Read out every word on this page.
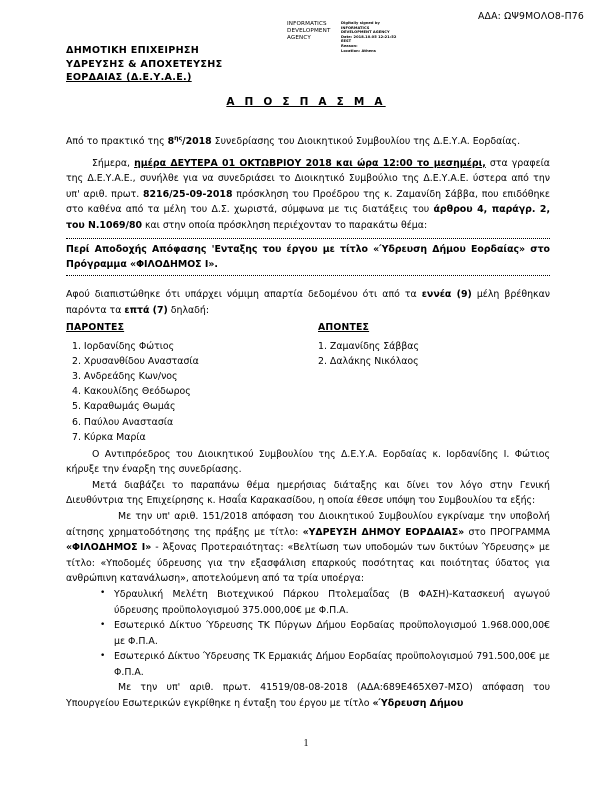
ΑΔΑ: ΩΨ9ΜΟΛΟ8-Π76
INFORMATICS DEVELOPMENT AGENCY
Digitally signed by
INFORMATICS
DEVELOPMENT AGENCY
Date: 2018.10.05 12:21:52
EEST
Reason:
Location: Athens
ΔΗΜΟΤΙΚΗ ΕΠΙΧΕΙΡΗΣΗ
ΥΔΡΕΥΣΗΣ & ΑΠΟΧΕΤΕΥΣΗΣ
ΕΟΡΔΑΙΑΣ (Δ.Ε.Υ.Α.Ε.)
Α Π Ο Σ Π Α Σ Μ Α

Από το πρακτικό της $8^{\eta\varsigma}/2018$ Συνεδρίασης του Διοικητικού Συμβουλίου της Δ.Ε.Υ.Α. Εορδαίας.

Σήμερα, ημέρα ΔΕΥΤΕΡΑ 01 ΟΚΤΩΒΡΙΟΥ 2018 και ώρα 12:00 το μεσημέρι, στα γραφεία της Δ.Ε.Υ.Α.Ε., συνήλθε για να συνεδριάσει το Διοικητικό Συμβούλιο της Δ.Ε.Υ.Α.Ε. ύστερα από την υπ' αριθ. πρωτ. 8216/25-09-2018 πρόσκληση του Προέδρου της κ. Ζαμανίδη Σάββα, που επιδόθηκε στο καθένα από τα μέλη του Δ.Σ. χωριστά, σύμφωνα με τις διατάξεις του άρθρου 4, παράγρ. 2, του Ν.1069/80 και στην οποία πρόσκληση περιέχονταν το παρακάτω θέμα:

Περί Αποδοχής Απόφασης 'Ενταξης του έργου με τίτλο «Ύδρευση Δήμου Εορδαίας» στο Πρόγραμμα «ΦΙΛΟΔΗΜΟΣ Ι».

Αφού διαπιστώθηκε ότι υπάρχει νόμιμη απαρτία δεδομένου ότι από τα εννέα (9) μέλη βρέθηκαν παρόντα τα επτά (7) δηλαδή:

ΠΑΡΟΝΤΕΣ	ΑΠΟΝΤΕΣ
1. Ιορδανίδης Φώτιος
2. Χρυσανθίδου Αναστασία
3. Ανδρεάδης Κων/νος
4. Κακουλίδης Θεόδωρος
5. Καραθωμάς Θωμάς
6. Παύλου Αναστασία
7. Κύρκα Μαρία
1. Ζαμανίδης Σάββας
2. Δαλάκης Νικόλαος

Ο Αντιπρόεδρος του Διοικητικού Συμβουλίου της Δ.Ε.Υ.Α. Εορδαίας κ. Ιορδανίδης Ι. Φώτιος κήρυξε την έναρξη της συνεδρίασης.

Μετά διαβάζει το παραπάνω θέμα ημερήσιας διάταξης και δίνει τον λόγο στην Γενική Διευθύντρια της Επιχείρησης κ. Ησαΐα Καρακασίδου, η οποία έθεσε υπόψη του Συμβουλίου τα εξής:

Με την υπ' αριθ. 151/2018 απόφαση του Διοικητικού Συμβουλίου εγκρίναμε την υποβολή αίτησης χρηματοδότησης της πράξης με τίτλο: «ΥΔΡΕΥΣΗ ΔΗΜΟΥ ΕΟΡΔΑΙΑΣ» στο ΠΡΟΓΡΑΜΜΑ «ΦΙΛΟΔΗΜΟΣ Ι» - Άξονας Προτεραιότητας: «Βελτίωση των υποδομών των δικτύων Ύδρευσης» με τίτλο: «Υποδομές ύδρευσης για την εξασφάλιση επαρκούς ποσότητας και ποιότητας ύδατος για ανθρώπινη κατανάλωση», αποτελούμενη από τα τρία υποέργα:

• Υδραυλική Μελέτη Βιοτεχνικού Πάρκου Πτολεμαΐδας (Β ΦΑΣΗ)-Κατασκευή αγωγού ύδρευσης προϋπολογισμού 375.000,00€ με Φ.Π.Α.
• Εσωτερικό Δίκτυο Ύδρευσης ΤΚ Πύργων Δήμου Εορδαίας προϋπολογισμού 1.968.000,00€ με Φ.Π.Α.
• Εσωτερικό Δίκτυο Ύδρευσης ΤΚ Ερμακιάς Δήμου Εορδαίας προϋπολογισμού 791.500,00€ με Φ.Π.Α.

Με την υπ' αριθ. πρωτ. 41519/08-08-2018 (ΑΔΑ:689Ε465ΧΘ7-ΜΣΟ) απόφαση του Υπουργείου Εσωτερικών εγκρίθηκε η ένταξη του έργου με τίτλο «Ύδρευση Δήμου

1
